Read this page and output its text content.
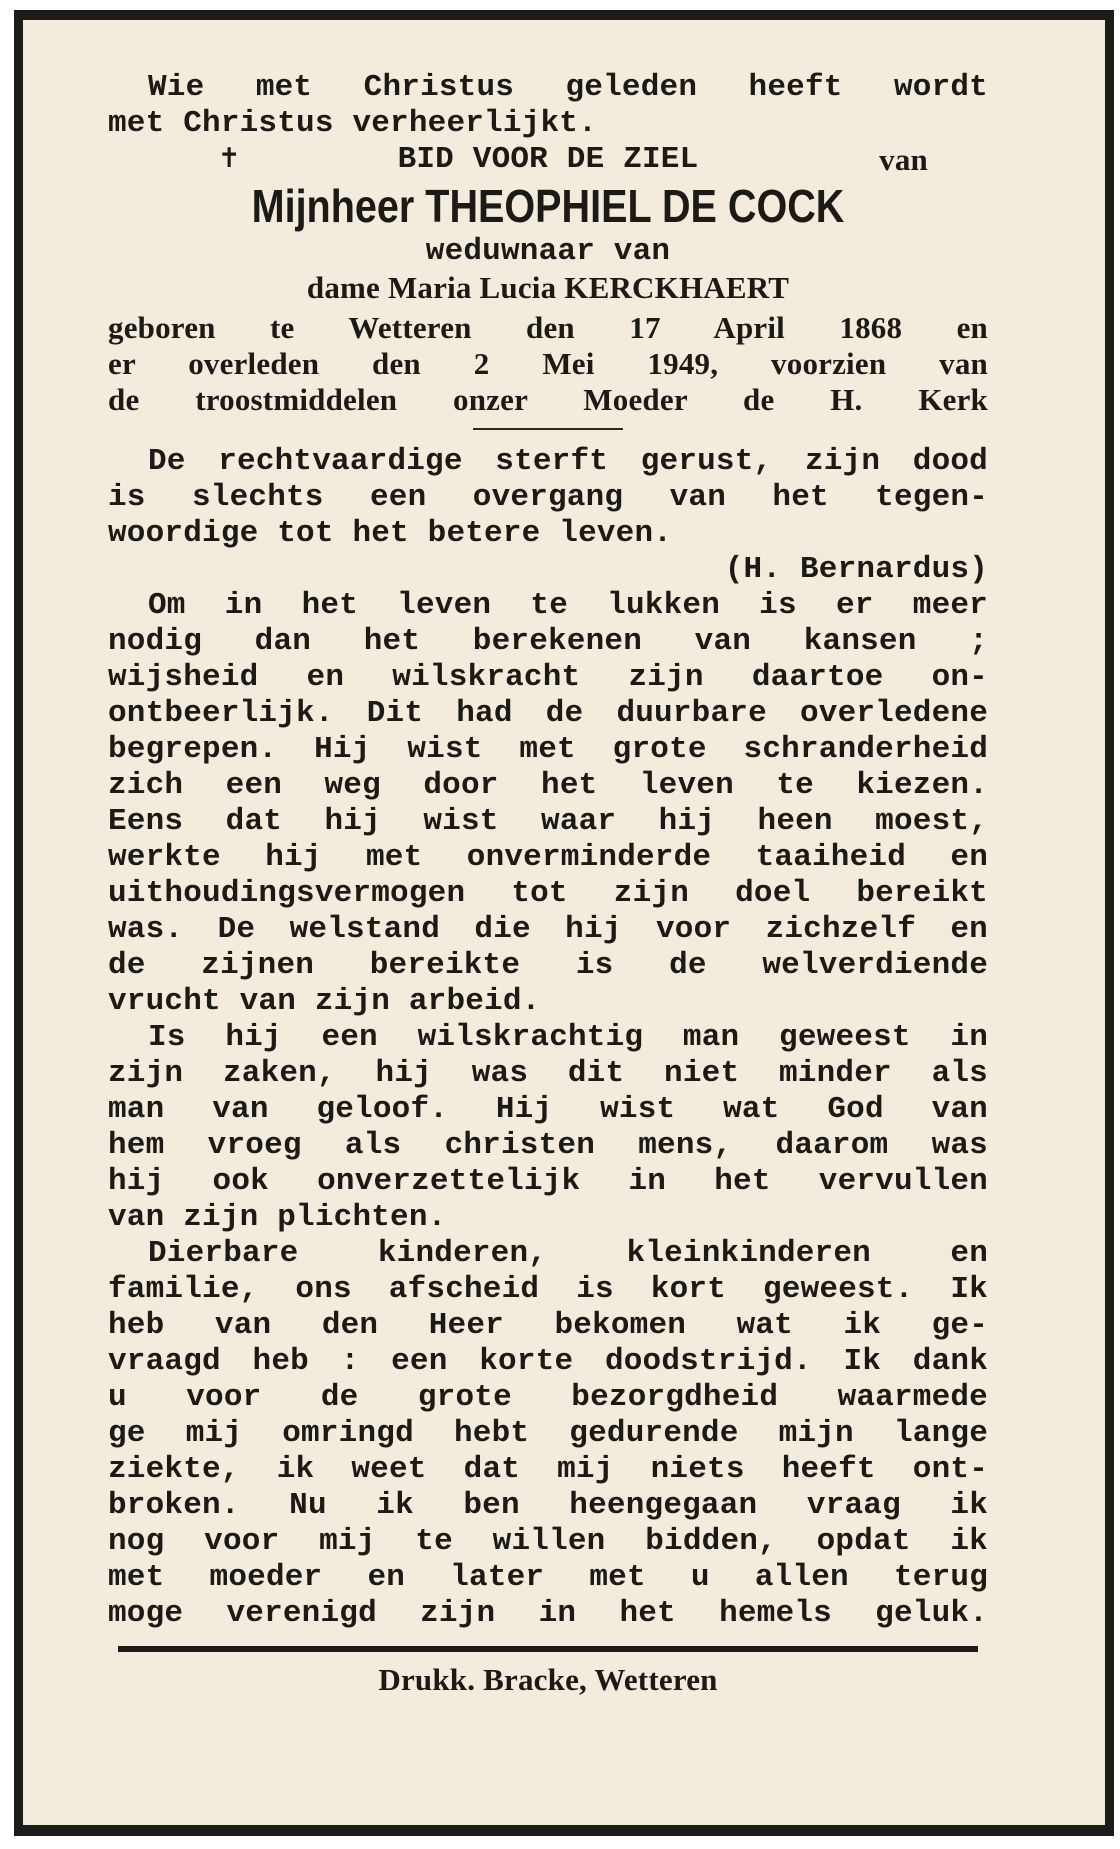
Wie met Christus geleden heeft wordt
met Christus verheerlijkt.
✝	BID VOOR DE ZIEL	van
Mijnheer THEOPHIEL DE COCK
weduwnaar van
dame Maria Lucia KERCKHAERT
geboren te Wetteren den 17 April 1868 en
er overleden den 2 Mei 1949, voorzien van
de troostmiddelen onzer Moeder de H. Kerk
De rechtvaardige sterft gerust, zijn dood
is slechts een overgang van het tegen-
woordige tot het betere leven.
(H. Bernardus)
Om in het leven te lukken is er meer
nodig dan het berekenen van kansen ;
wijsheid en wilskracht zijn daartoe on-
ontbeerlijk. Dit had de duurbare overledene
begrepen. Hij wist met grote schranderheid
zich een weg door het leven te kiezen.
Eens dat hij wist waar hij heen moest,
werkte hij met onverminderde taaiheid en
uithoudingsvermogen tot zijn doel bereikt
was. De welstand die hij voor zichzelf en
de zijnen bereikte is de welverdiende
vrucht van zijn arbeid.
Is hij een wilskrachtig man geweest in
zijn zaken, hij was dit niet minder als
man van geloof. Hij wist wat God van
hem vroeg als christen mens, daarom was
hij ook onverzettelijk in het vervullen
van zijn plichten.
Dierbare kinderen, kleinkinderen en
familie, ons afscheid is kort geweest. Ik
heb van den Heer bekomen wat ik ge-
vraagd heb : een korte doodstrijd. Ik dank
u voor de grote bezorgdheid waarmede
ge mij omringd hebt gedurende mijn lange
ziekte, ik weet dat mij niets heeft ont-
broken. Nu ik ben heengegaan vraag ik
nog voor mij te willen bidden, opdat ik
met moeder en later met u allen terug
moge verenigd zijn in het hemels geluk.
Drukk. Bracke, Wetteren
